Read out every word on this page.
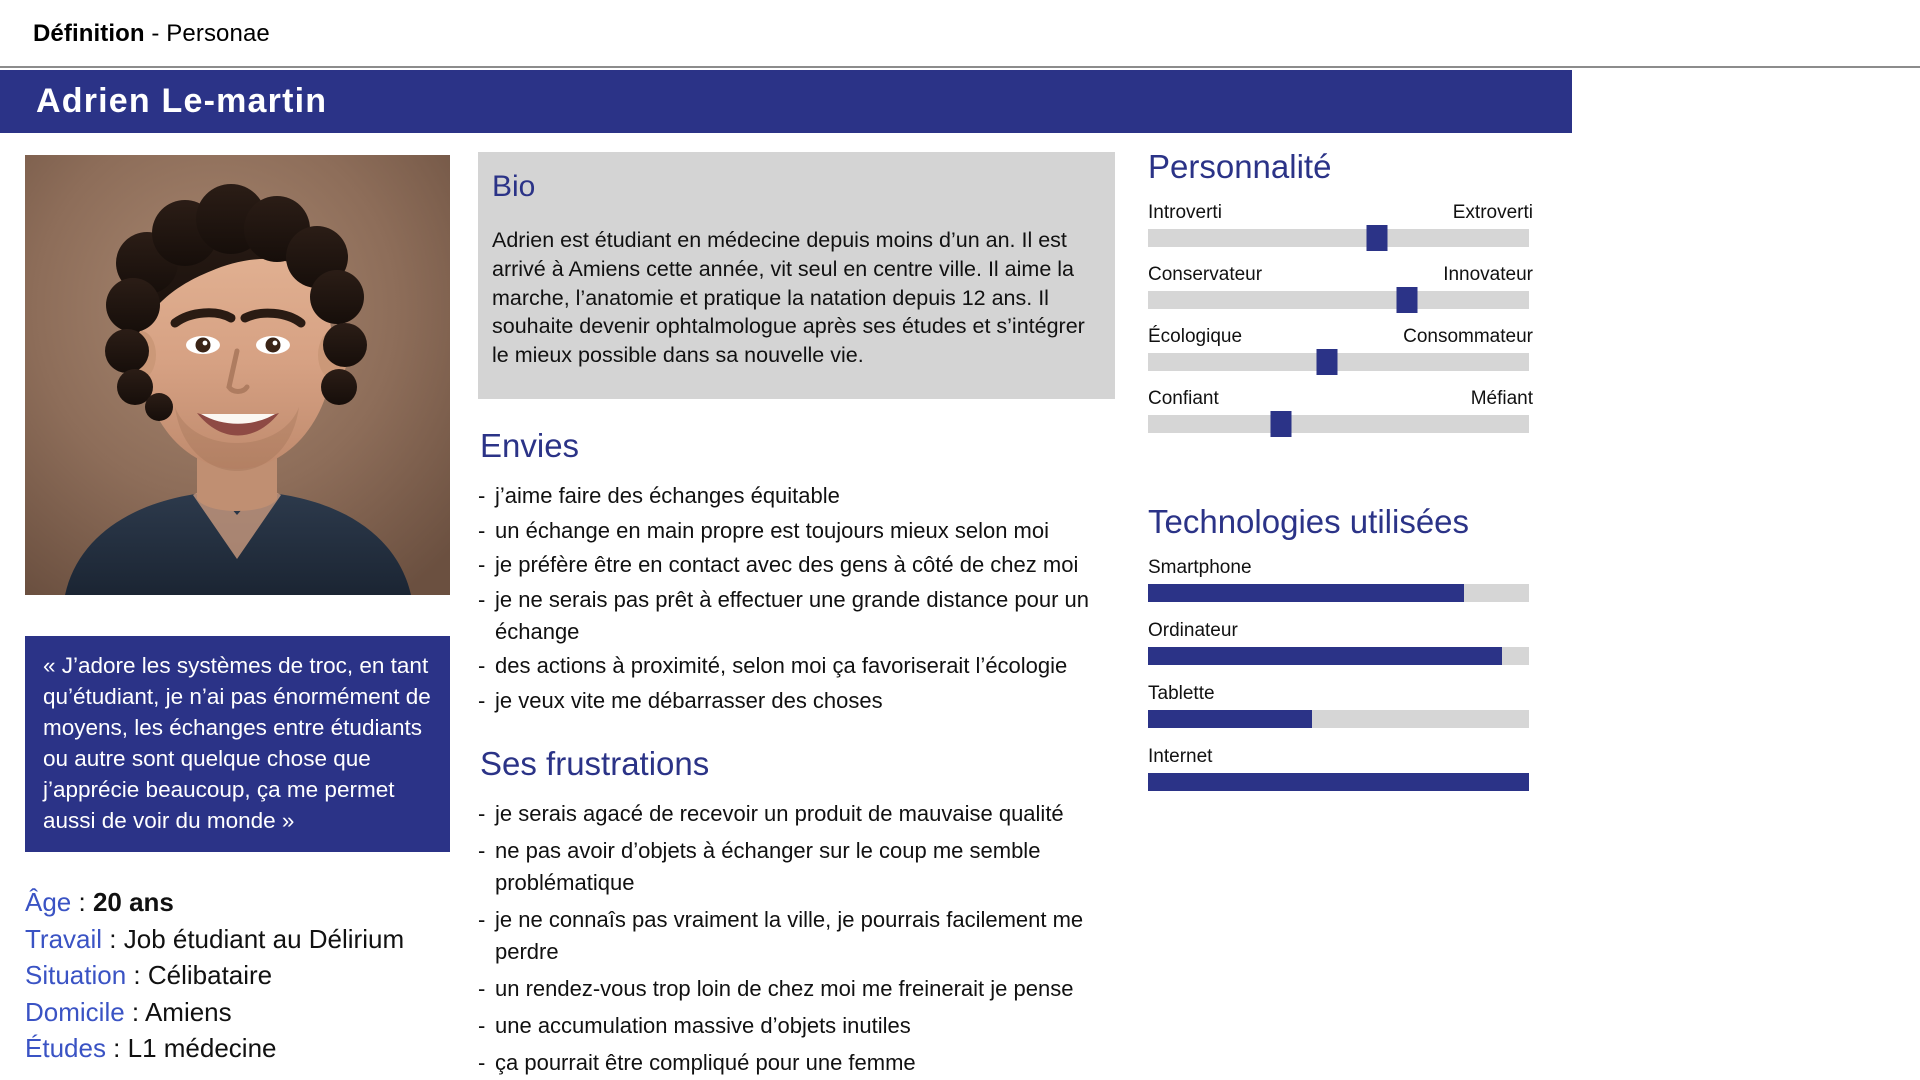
Définition - Personae
Adrien Le-martin
« J’adore les systèmes de troc, en tant qu’étudiant, je n’ai pas énormément de moyens, les échanges entre étudiants ou autre sont quelque chose que j’apprécie beaucoup, ça me permet aussi de voir du monde »
Âge : 20 ans
Travail : Job étudiant au Délirium
Situation : Célibataire
Domicile : Amiens
Études : L1 médecine
Bio
Adrien est étudiant en médecine depuis moins d’un an. Il est arrivé à Amiens cette année, vit seul en centre ville. Il aime la marche, l’anatomie et pratique la natation depuis 12 ans. Il souhaite devenir ophtalmologue après ses études et s’intégrer le mieux possible dans sa nouvelle vie.
Envies
- j’aime faire des échanges équitable
- un échange en main propre est toujours mieux selon moi
- je préfère être en contact avec des gens à côté de chez moi
- je ne serais pas prêt à effectuer une grande distance pour un échange
- des actions à proximité, selon moi ça favoriserait l’écologie
- je veux vite me débarrasser des choses
Ses frustrations
- je serais agacé de recevoir un produit de mauvaise qualité
- ne pas avoir d’objets à échanger sur le coup me semble problématique
- je ne connaîs pas vraiment la ville, je pourrais facilement me perdre
- un rendez-vous trop loin de chez moi me freinerait je pense
- une accumulation massive d’objets inutiles
- ça pourrait être compliqué pour une femme
Personnalité
Introverti	Extroverti
Conservateur	Innovateur
Écologique	Consommateur
Confiant	Méfiant
Technologies utilisées
Smartphone
Ordinateur
Tablette
Internet
